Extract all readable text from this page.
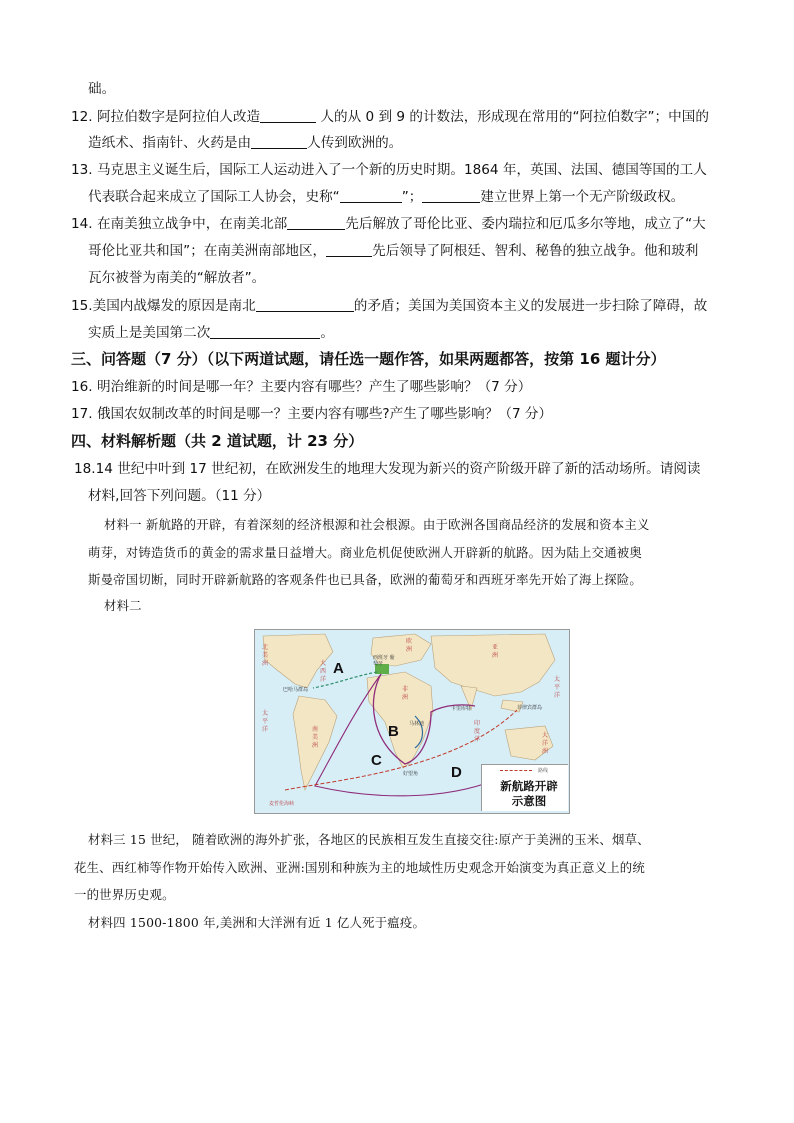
础。
12. 阿拉伯数字是阿拉伯人改造	人的从 0 到 9 的计数法，形成现在常用的“阿拉伯数字”；中国的
造纸术、指南针、火药是由	人传到欧洲的。
13. 马克思主义诞生后，国际工人运动进入了一个新的历史时期。1864 年，英国、法国、德国等国的工人
代表联合起来成立了国际工人协会，史称“	”；	建立世界上第一个无产阶级政权。
14. 在南美独立战争中，在南美北部	先后解放了哥伦比亚、委内瑞拉和厄瓜多尔等地，成立了“大
哥伦比亚共和国”；在南美洲南部地区，	先后领导了阿根廷、智利、秘鲁的独立战争。他和玻利
瓦尔被誉为南美的“解放者”。
15.美国内战爆发的原因是南北	的矛盾；美国为美国资本主义的发展进一步扫除了障碍，故
实质上是美国第二次	。
三、问答题（7 分）（以下两道试题，请任选一题作答，如果两题都答，按第 16 题计分）
16. 明治维新的时间是哪一年？主要内容有哪些？产生了哪些影响？（7 分）
17. 俄国农奴制改革的时间是哪一？主要内容有哪些?产生了哪些影响？（7 分）
四、材料解析题（共 2 道试题，计 23 分）
18.14 世纪中叶到 17 世纪初，在欧洲发生的地理大发现为新兴的资产阶级开辟了新的活动场所。请阅读
材料,回答下列问题。（11 分）
材料一 新航路的开辟，有着深刻的经济根源和社会根源。由于欧洲各国商品经济的发展和资本主义
萌芽，对铸造货币的黄金的需求量日益增大。商业危机促使欧洲人开辟新的航路。因为陆上交通被奥
斯曼帝国切断，同时开辟新航路的客观条件也已具备，欧洲的葡萄牙和西班牙率先开始了海上探险。
材料二
A
B
C
D
西班牙 葡萄牙
巴哈马群岛
马林迪
卡里库特
好望角
菲律宾群岛
麦哲伦海峡
北美洲	大西洋
太平洋	南美洲
欧洲	亚洲
非洲
印度洋
太平洋
大洋洲
路线
新航路开辟示意图
材料三 15 世纪， 随着欧洲的海外扩张，各地区的民族相互发生直接交往:原产于美洲的玉米、烟草、
花生、西红柿等作物开始传入欧洲、亚洲:国别和种族为主的地域性历史观念开始演变为真正意义上的统
一的世界历史观。
材料四 1500-1800 年,美洲和大洋洲有近 1 亿人死于瘟疫。
